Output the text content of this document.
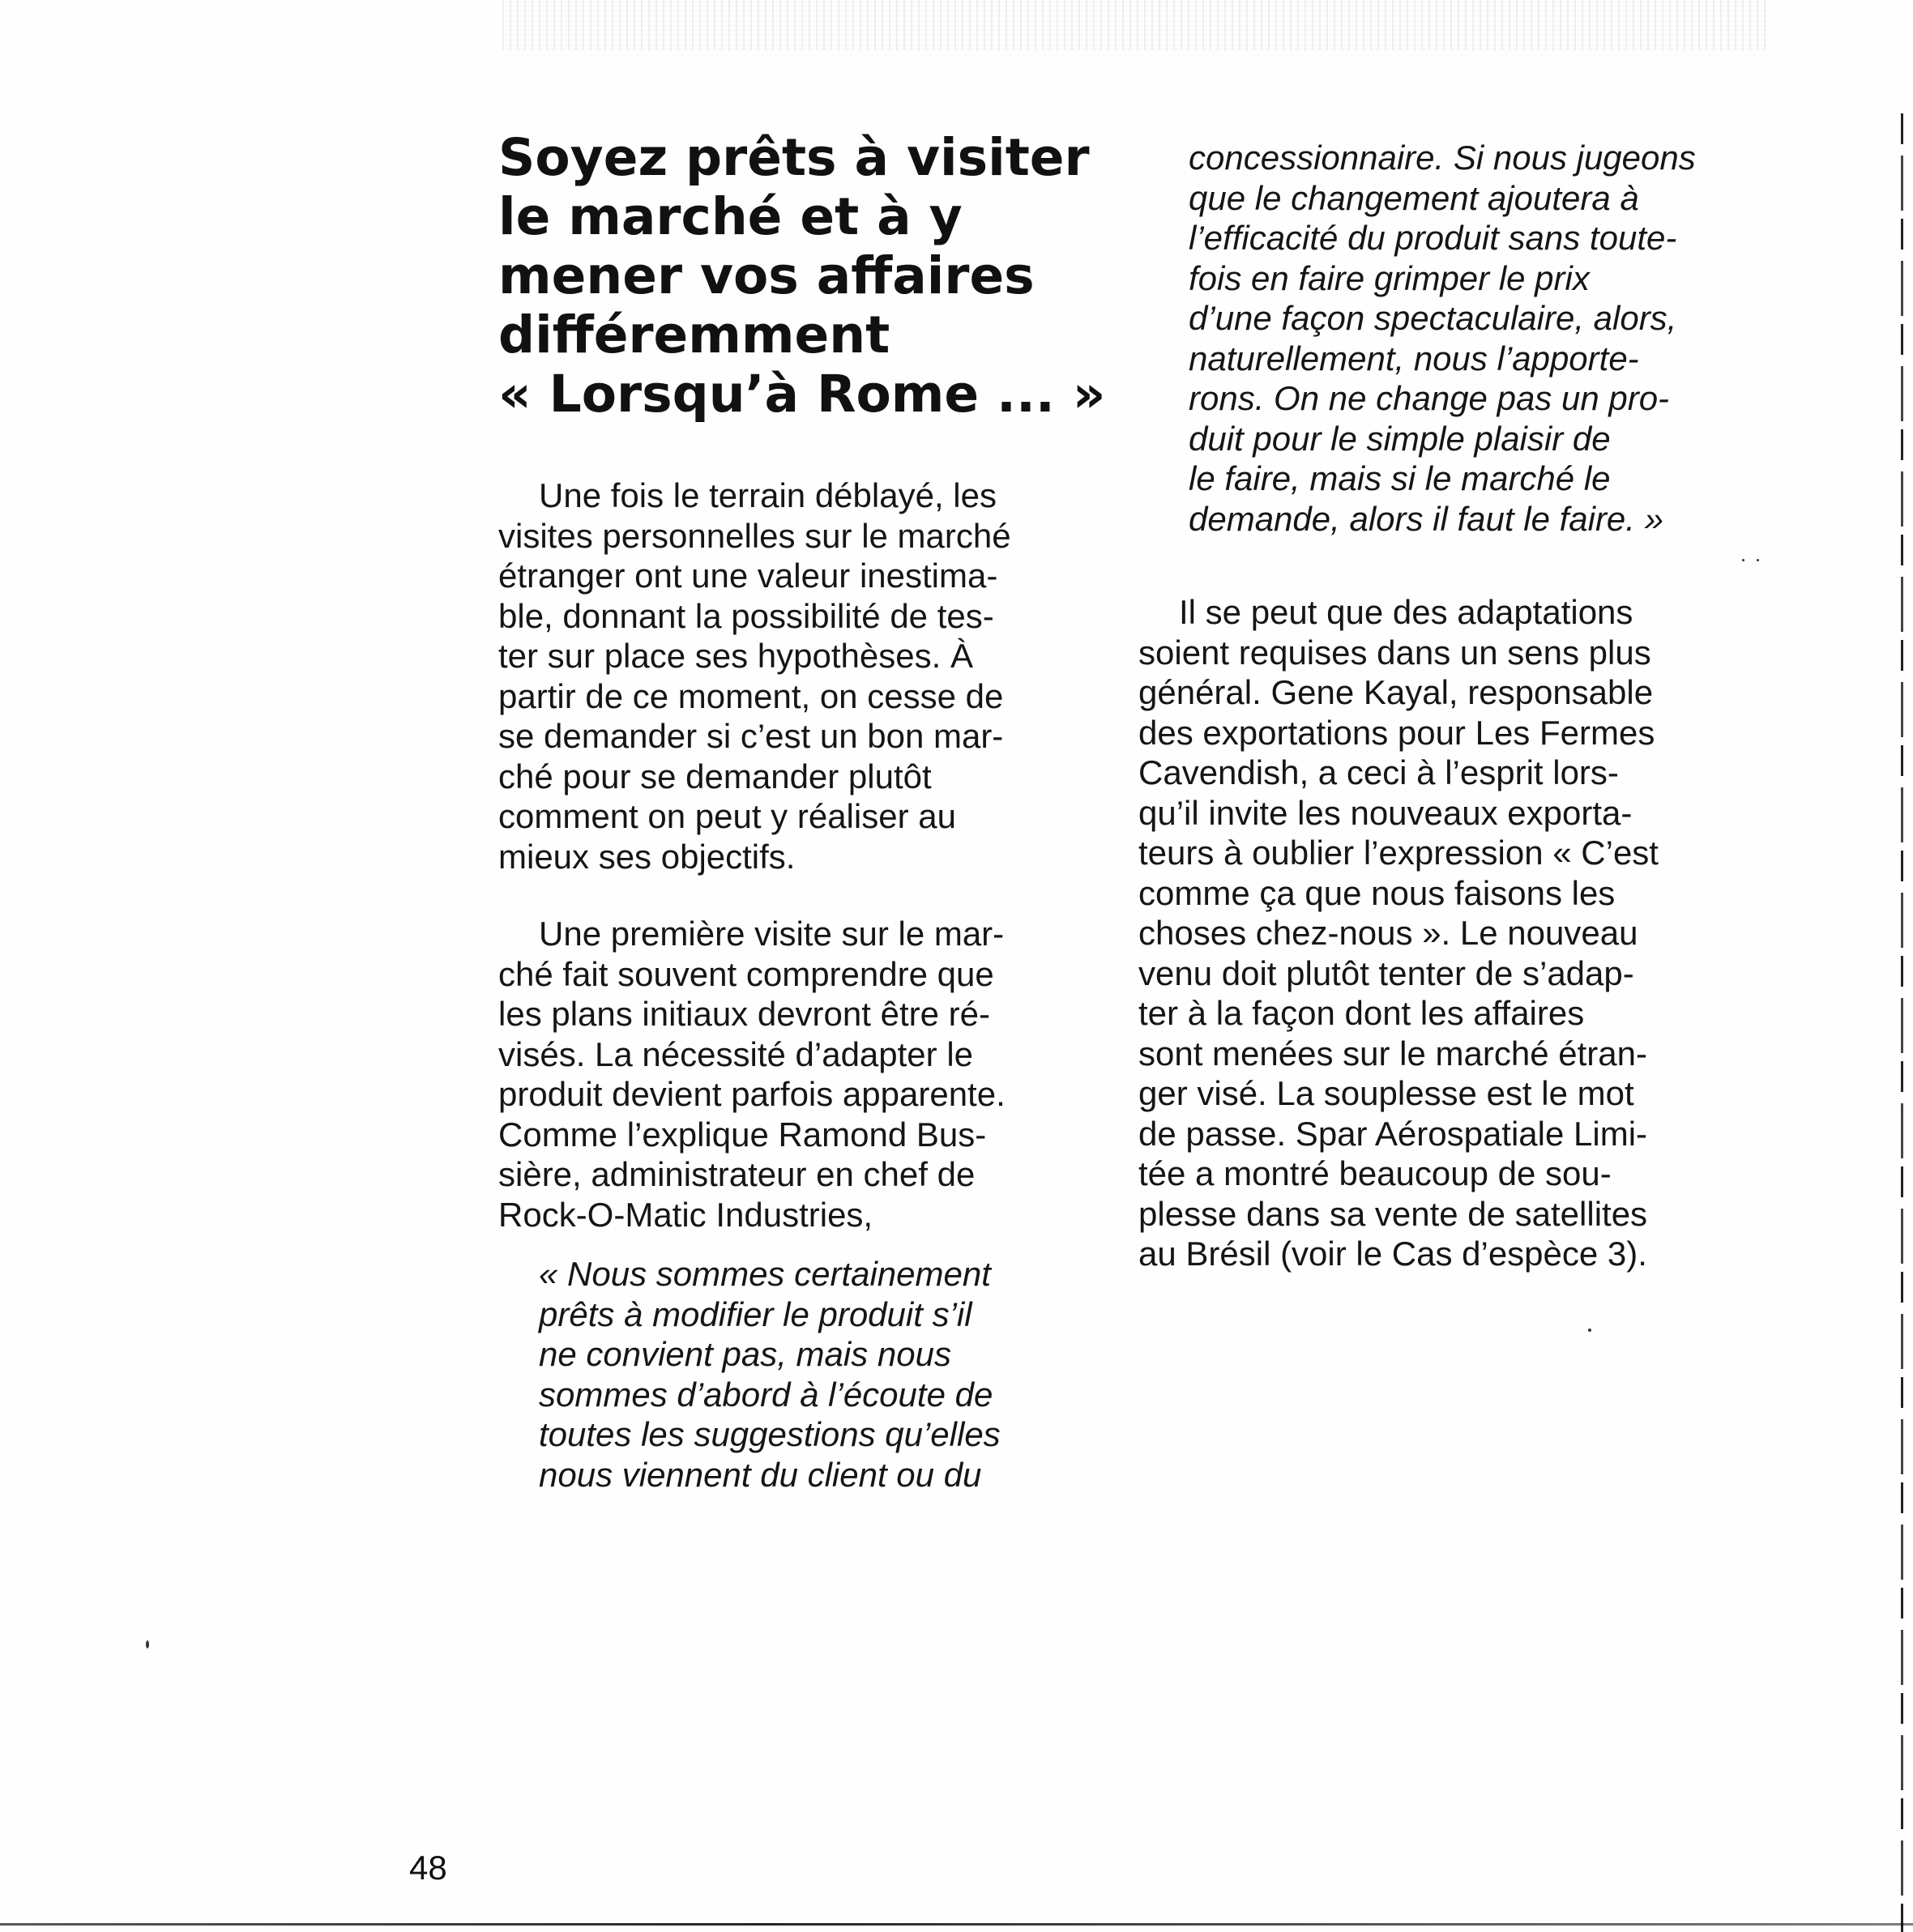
Soyez prêts à visiter
le marché et à y
mener vos affaires
différemment
« Lorsqu’à Rome ... »

Une fois le terrain déblayé, les
visites personnelles sur le marché
étranger ont une valeur inestima-
ble, donnant la possibilité de tes-
ter sur place ses hypothèses. À
partir de ce moment, on cesse de
se demander si c’est un bon mar-
ché pour se demander plutôt
comment on peut y réaliser au
mieux ses objectifs.

Une première visite sur le mar-
ché fait souvent comprendre que
les plans initiaux devront être ré-
visés. La nécessité d’adapter le
produit devient parfois apparente.
Comme l’explique Ramond Bus-
sière, administrateur en chef de
Rock-O-Matic Industries,

« Nous sommes certainement
prêts à modifier le produit s’il
ne convient pas, mais nous
sommes d’abord à l’écoute de
toutes les suggestions qu’elles
nous viennent du client ou du

concessionnaire. Si nous jugeons
que le changement ajoutera à
l’efficacité du produit sans toute-
fois en faire grimper le prix
d’une façon spectaculaire, alors,
naturellement, nous l’apporte-
rons. On ne change pas un pro-
duit pour le simple plaisir de
le faire, mais si le marché le
demande, alors il faut le faire. »

Il se peut que des adaptations
soient requises dans un sens plus
général. Gene Kayal, responsable
des exportations pour Les Fermes
Cavendish, a ceci à l’esprit lors-
qu’il invite les nouveaux exporta-
teurs à oublier l’expression « C’est
comme ça que nous faisons les
choses chez-nous ». Le nouveau
venu doit plutôt tenter de s’adap-
ter à la façon dont les affaires
sont menées sur le marché étran-
ger visé. La souplesse est le mot
de passe. Spar Aérospatiale Limi-
tée a montré beaucoup de sou-
plesse dans sa vente de satellites
au Brésil (voir le Cas d’espèce 3).

48
